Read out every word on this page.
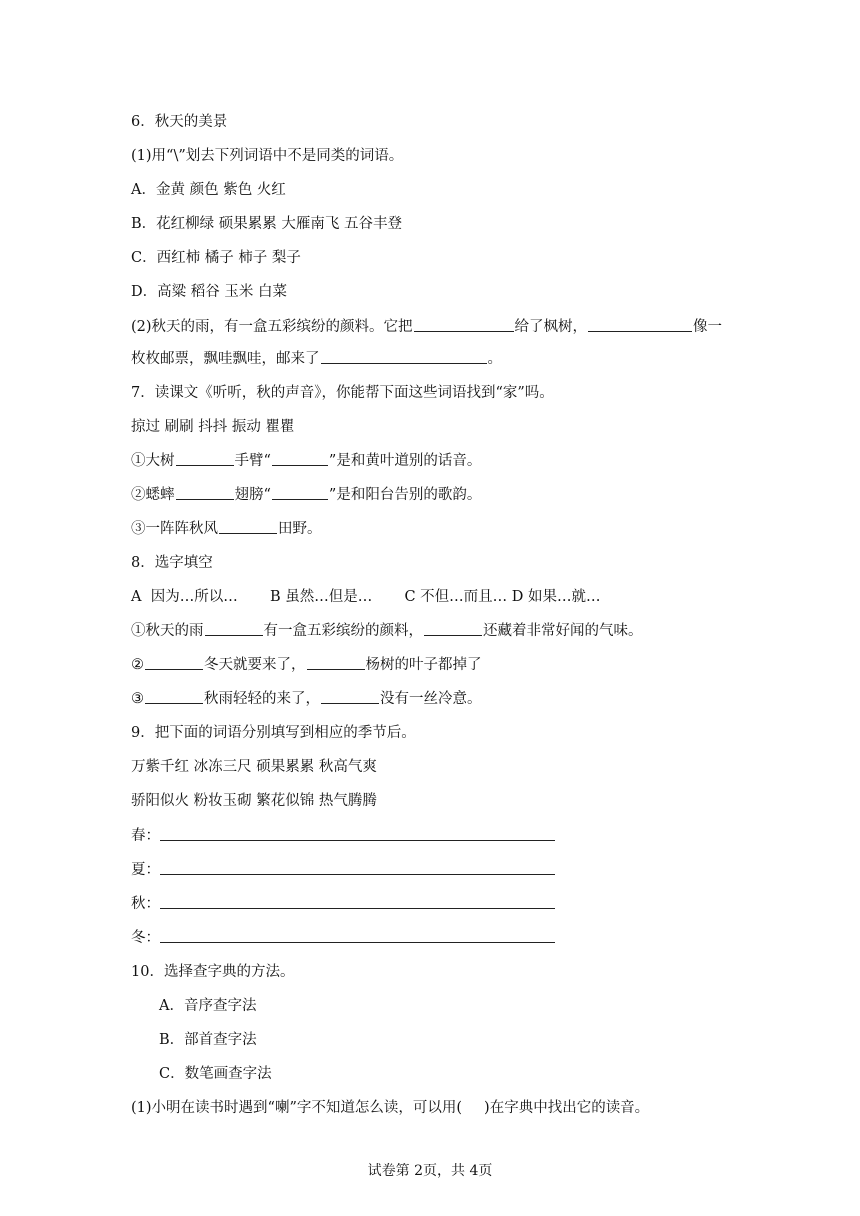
6．秋天的美景
(1)用“\”划去下列词语中不是同类的词语。
A．金黄 颜色 紫色 火红
B．花红柳绿 硕果累累 大雁南飞 五谷丰登
C．西红柿 橘子 柿子 梨子
D．高粱 稻谷 玉米 白菜
(2)秋天的雨，有一盒五彩缤纷的颜料。它把	给了枫树，	像一
枚枚邮票，飘哇飘哇，邮来了	。
7．读课文《听听，秋的声音》，你能帮下面这些词语找到“家”吗。
掠过 刷刷 抖抖 振动 瞿瞿
①大树	手臂“	”是和黄叶道别的话音。
②蟋蟀	翅膀“	”是和阳台告别的歌韵。
③一阵阵秋风	田野。
8．选字填空
A  因为…所以…       B 虽然…但是…       C 不但…而且… D 如果…就…
①秋天的雨	有一盒五彩缤纷的颜料，	还藏着非常好闻的气味。
②	冬天就要来了，	杨树的叶子都掉了
③	秋雨轻轻的来了，	没有一丝冷意。
9．把下面的词语分别填写到相应的季节后。
万紫千红 冰冻三尺 硕果累累 秋高气爽
骄阳似火 粉妆玉砌 繁花似锦 热气腾腾
春：
夏：
秋：
冬：
10．选择查字典的方法。
A．音序查字法
B．部首查字法
C．数笔画查字法
(1)小明在读书时遇到“喇”字不知道怎么读，可以用( )在字典中找出它的读音。
试卷第 2页，共 4页
